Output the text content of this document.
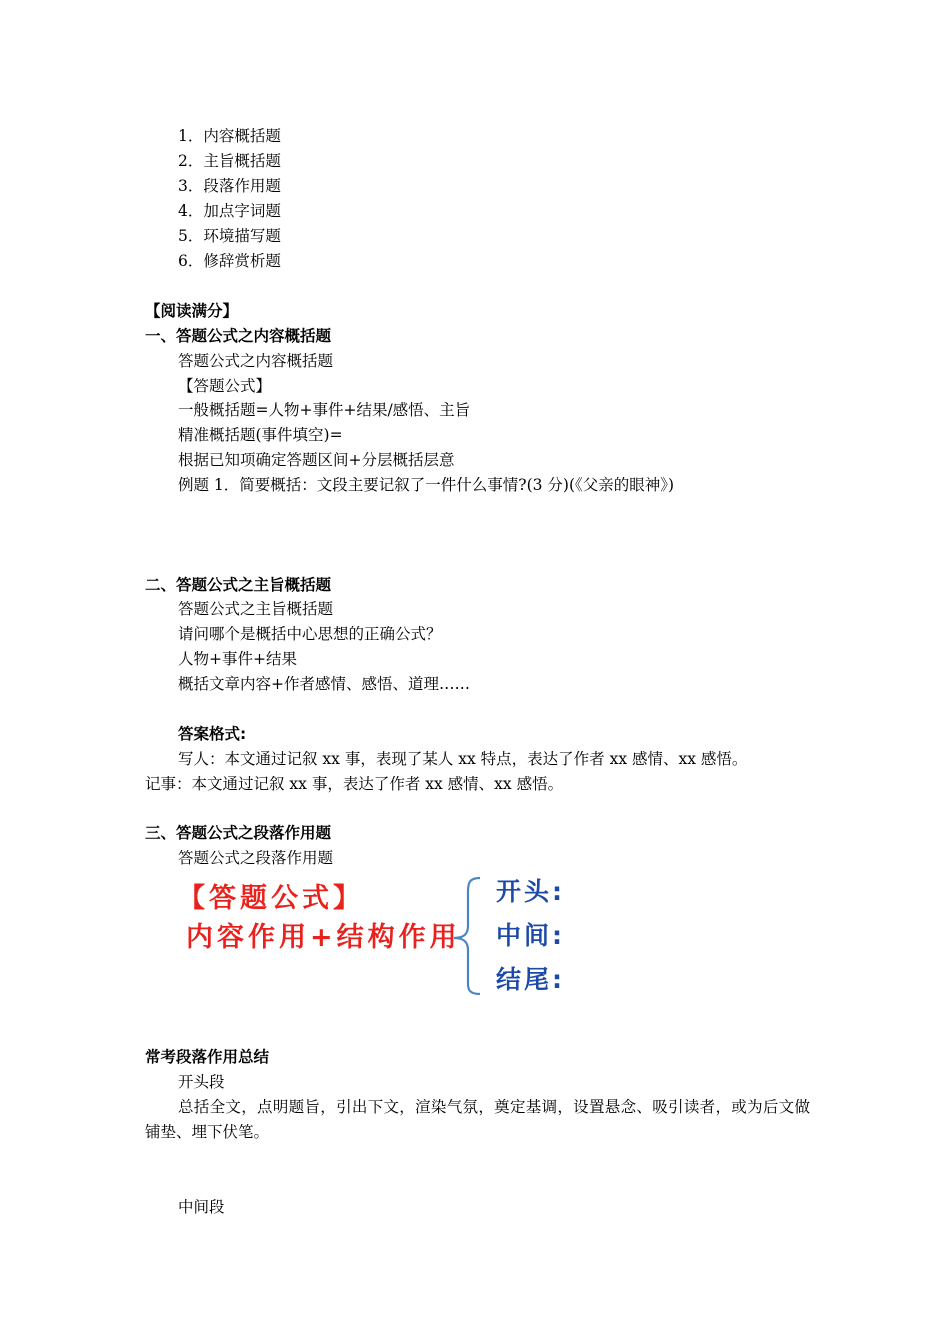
1．内容概括题
2．主旨概括题
3．段落作用题
4．加点字词题
5．环境描写题
6．修辞赏析题
【阅读满分】
一、答题公式之内容概括题
答题公式之内容概括题
【答题公式】
一般概括题=人物+事件+结果/感悟、主旨
精准概括题(事件填空)=
根据已知项确定答题区间+分层概括层意
例题 1．简要概括：文段主要记叙了一件什么事情?(3 分)(《父亲的眼神》)
二、答题公式之主旨概括题
答题公式之主旨概括题
请问哪个是概括中心思想的正确公式？
人物+事件+结果
概括文章内容+作者感情、感悟、道理……
答案格式:
写人：本文通过记叙 xx 事，表现了某人 xx 特点，表达了作者 xx 感情、xx 感悟。
记事：本文通过记叙 xx 事，表达了作者 xx 感情、xx 感悟。
三、答题公式之段落作用题
答题公式之段落作用题
【答题公式】
内容作用+结构作用
开头:
中间:
结尾:
常考段落作用总结
开头段
总括全文，点明题旨，引出下文，渲染气氛，奠定基调，设置悬念、吸引读者，或为后文做铺垫、埋下伏笔。
中间段
